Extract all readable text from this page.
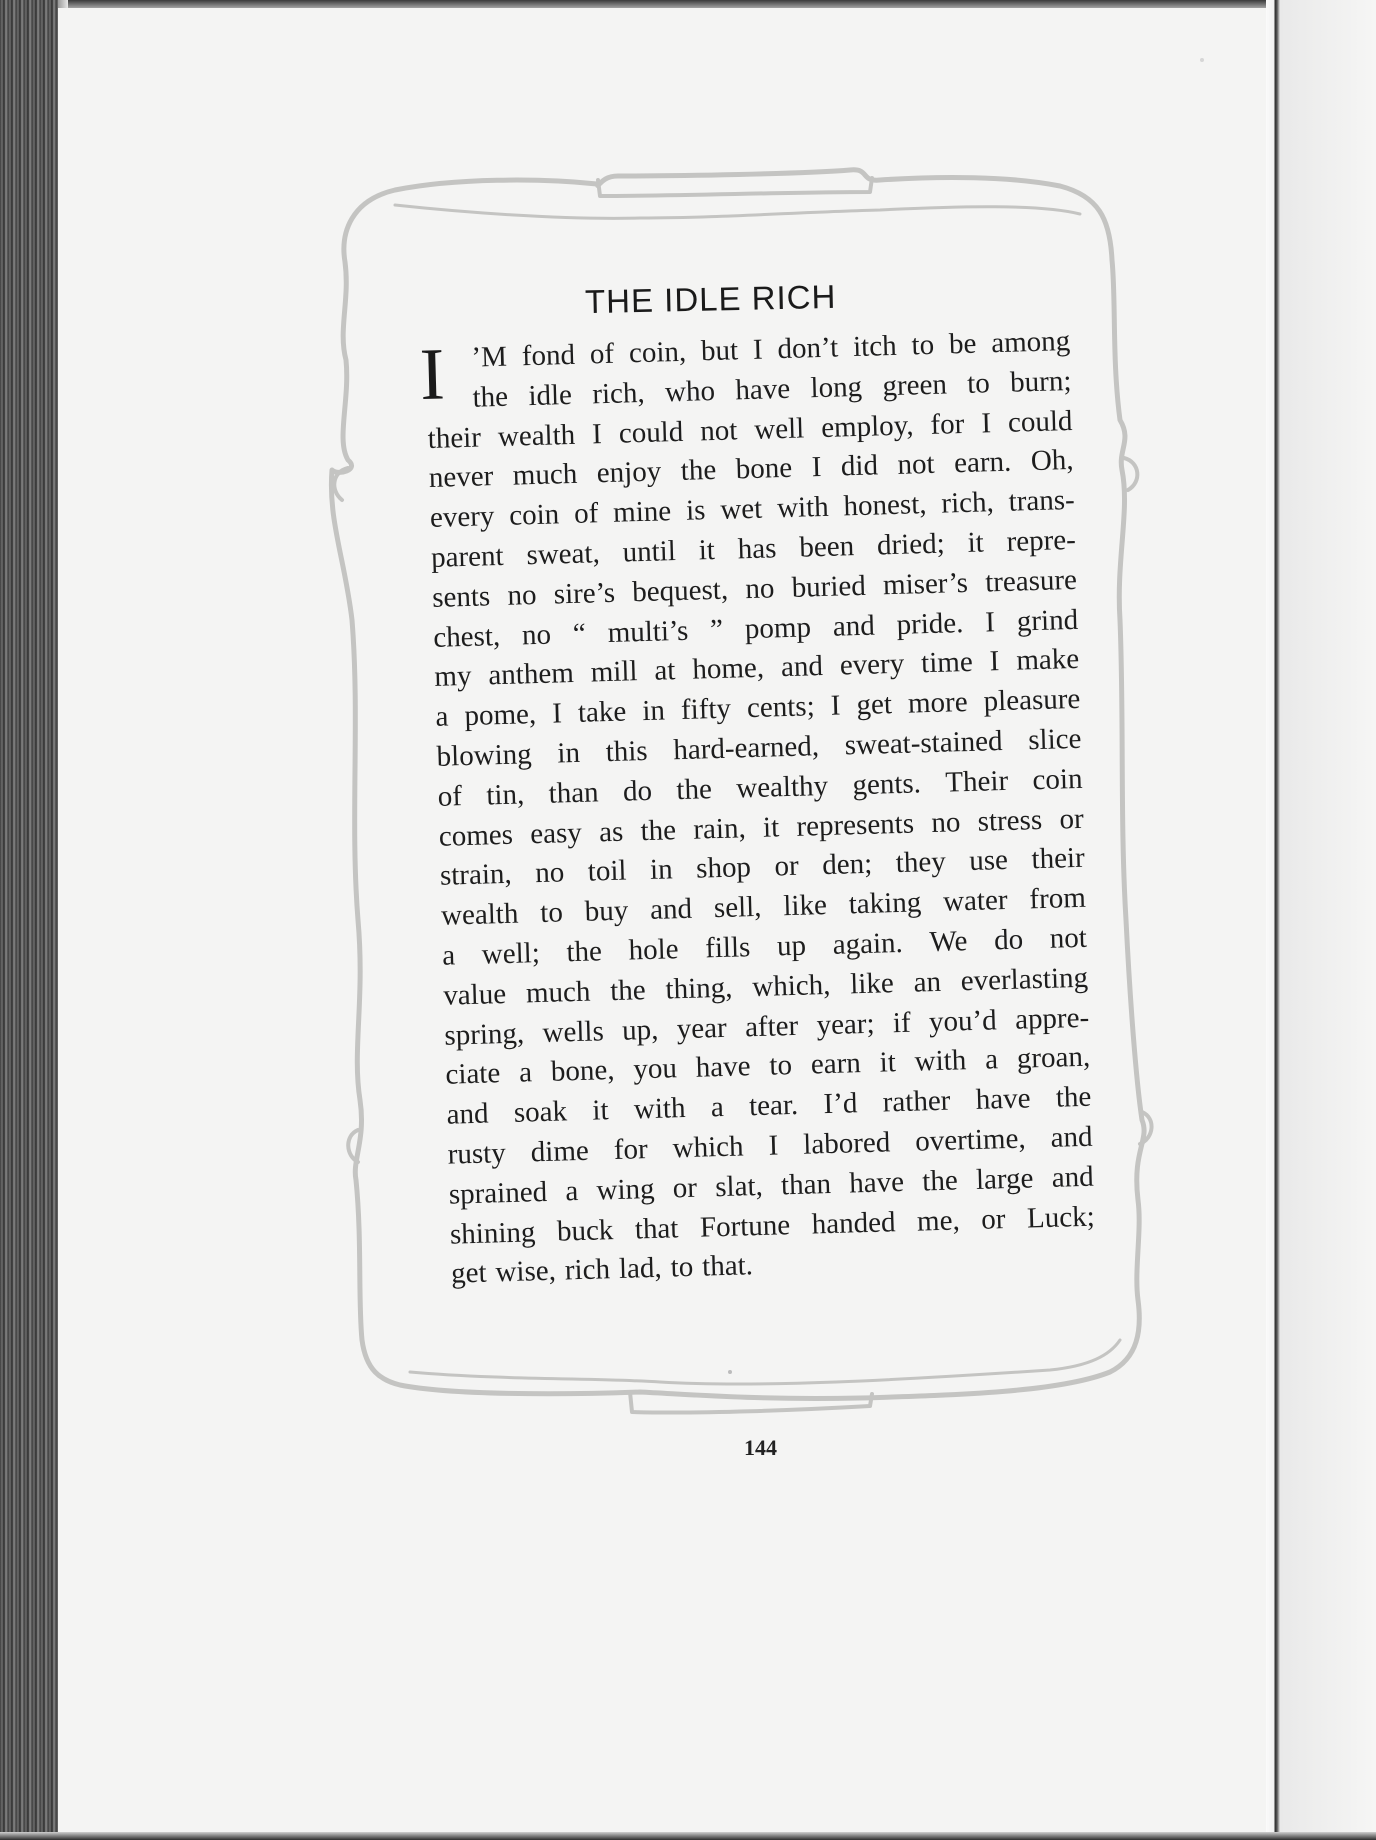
THE IDLE RICH
I ’M fond of coin, but I don’t itch to be among
the idle rich, who have long green to burn;
their wealth I could not well employ, for I could
never much enjoy the bone I did not earn. Oh,
every coin of mine is wet with honest, rich, trans-
parent sweat, until it has been dried; it repre-
sents no sire’s bequest, no buried miser’s treasure
chest, no “ multi’s ” pomp and pride. I grind
my anthem mill at home, and every time I make
a pome, I take in fifty cents; I get more pleasure
blowing in this hard-earned, sweat-stained slice
of tin, than do the wealthy gents. Their coin
comes easy as the rain, it represents no stress or
strain, no toil in shop or den; they use their
wealth to buy and sell, like taking water from
a well; the hole fills up again. We do not
value much the thing, which, like an everlasting
spring, wells up, year after year; if you’d appre-
ciate a bone, you have to earn it with a groan,
and soak it with a tear. I’d rather have the
rusty dime for which I labored overtime, and
sprained a wing or slat, than have the large and
shining buck that Fortune handed me, or Luck;
get wise, rich lad, to that.
144
